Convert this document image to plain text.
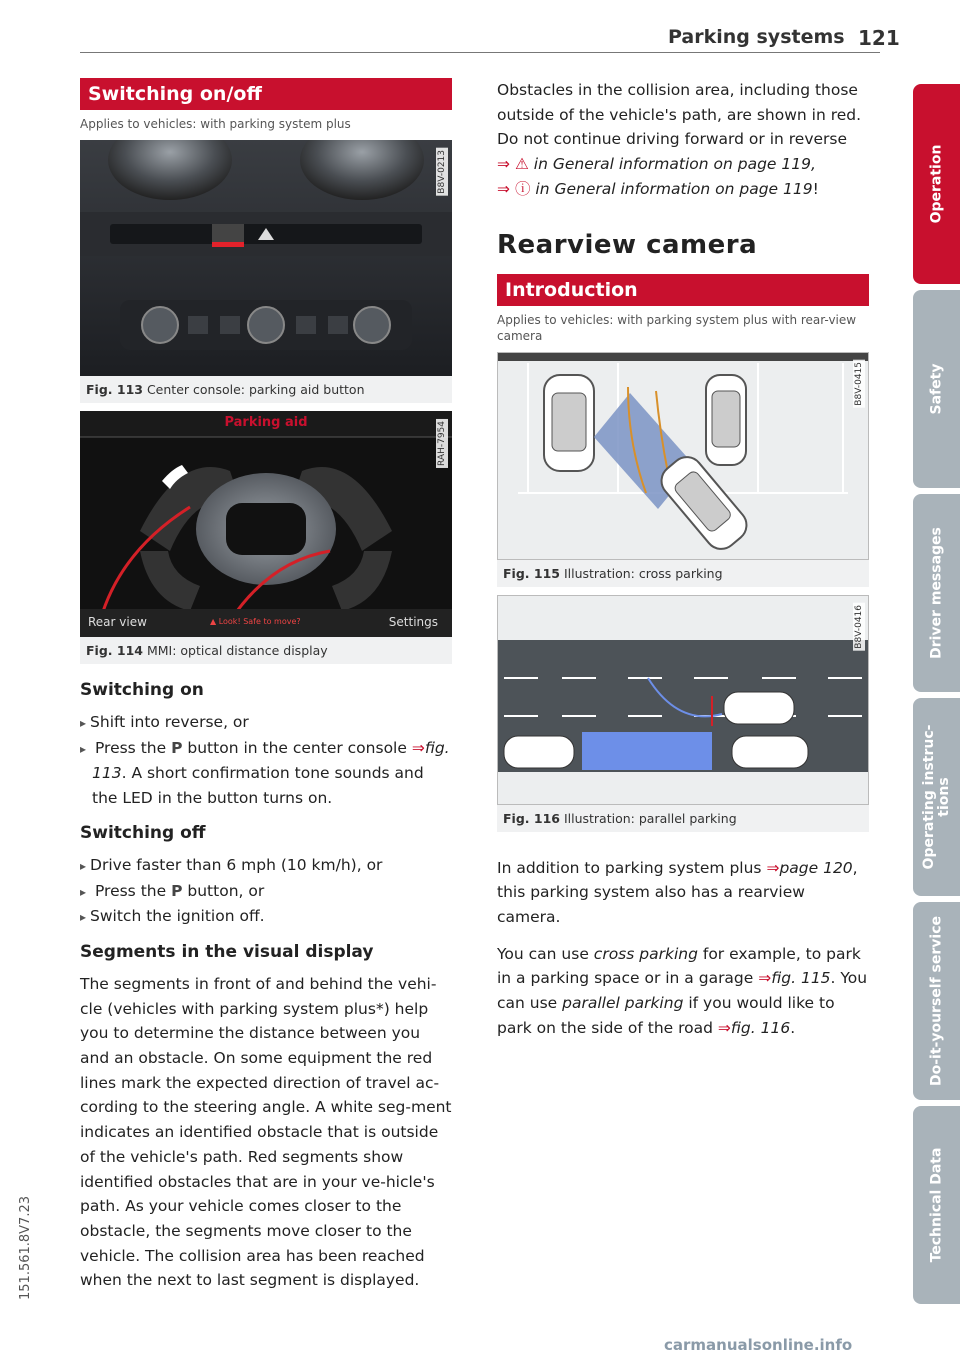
Parking systems 121
Operation
Safety
Driver messages
Operating instruc- tions
Do-it-yourself service
Technical Data
Switching on/off
Applies to vehicles: with parking system plus
B8V-0213
Fig. 113 Center console: parking aid button
Parking aid
Rear view	▲ Look! Safe to move?	Settings
RAH-7954
Fig. 114 MMI: optical distance display
Switching on

▸ Shift into reverse, or

▸ Press the P button in the center console ⇒fig. 113. A short confirmation tone sounds and the LED in the button turns on.

Switching off

▸ Drive faster than 6 mph (10 km/h), or

▸ Press the P button, or

▸ Switch the ignition off.

Segments in the visual display

The segments in front of and behind the vehi-cle (vehicles with parking system plus*) help you to determine the distance between you and an obstacle. On some equipment the red lines mark the expected direction of travel ac-cording to the steering angle. A white seg-ment indicates an identified obstacle that is outside of the vehicle's path. Red segments show identified obstacles that are in your ve-hicle's path. As your vehicle comes closer to the obstacle, the segments move closer to the vehicle. The collision area has been reached when the next to last segment is displayed.

Obstacles in the collision area, including those outside of the vehicle's path, are shown in red. Do not continue driving forward or in reverse
⇒ ⚠ in General information on page 119,
⇒ ⓘ in General information on page 119!

Rearview camera
Introduction
Applies to vehicles: with parking system plus with rear-view camera
B8V-0415
Fig. 115 Illustration: cross parking
B8V-0416
Fig. 116 Illustration: parallel parking

In addition to parking system plus ⇒page 120, this parking system also has a rearview camera.

You can use cross parking for example, to park in a parking space or in a garage ⇒fig. 115. You can use parallel parking if you would like to park on the side of the road ⇒fig. 116.

151.561.8V7.23
carmanualsonline.info
